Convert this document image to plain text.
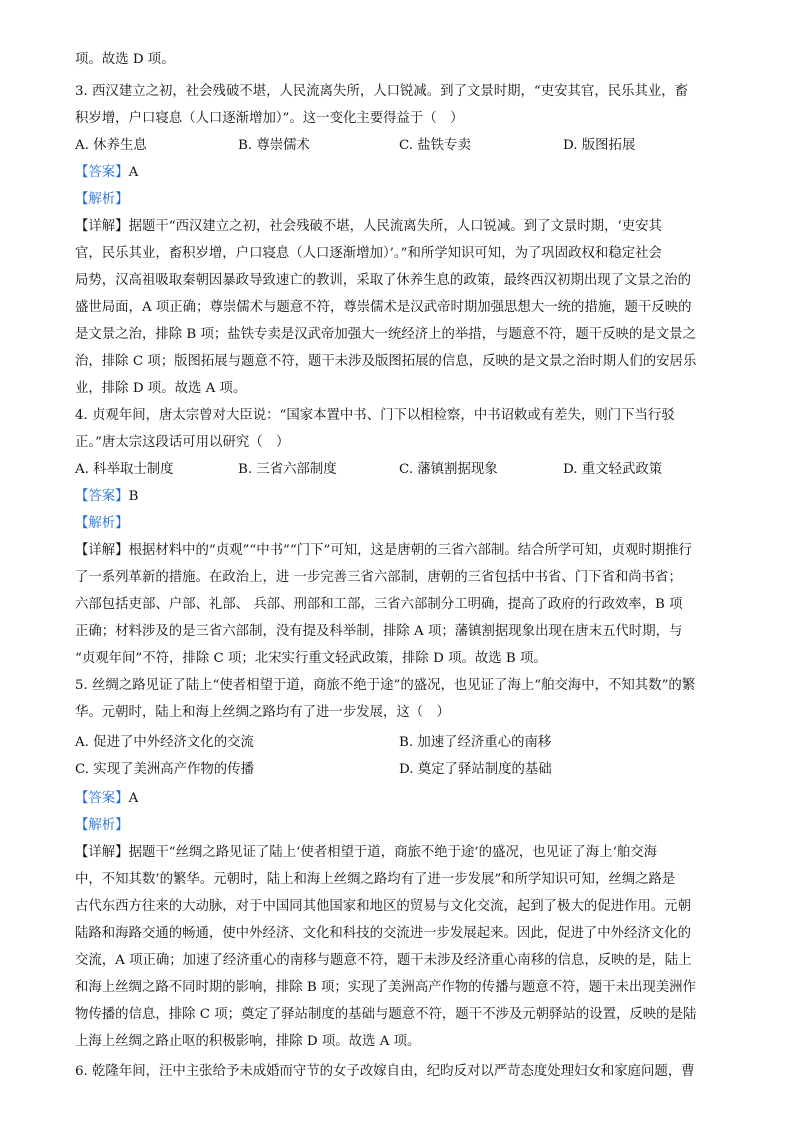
项。故选 D 项。
3. 西汉建立之初，社会残破不堪，人民流离失所，人口锐减。到了文景时期，“吏安其官，民乐其业，畜
积岁增，户口寝息（人口逐渐增加）”。这一变化主要得益于（　）
A. 休养生息	B. 尊崇儒术	C. 盐铁专卖	D. 版图拓展
【答案】A
【解析】
【详解】据题干“西汉建立之初，社会残破不堪，人民流离失所，人口锐减。到了文景时期，‘吏安其
官，民乐其业，畜积岁增，户口寝息（人口逐渐增加）’。”和所学知识可知，为了巩固政权和稳定社会
局势，汉高祖吸取秦朝因暴政导致速亡的教训，采取了休养生息的政策，最终西汉初期出现了文景之治的
盛世局面，A 项正确；尊崇儒术与题意不符，尊崇儒术是汉武帝时期加强思想大一统的措施，题干反映的
是文景之治，排除 B 项；盐铁专卖是汉武帝加强大一统经济上的举措，与题意不符，题干反映的是文景之
治，排除 C 项；版图拓展与题意不符，题干未涉及版图拓展的信息，反映的是文景之治时期人们的安居乐
业，排除 D 项。故选 A 项。
4. 贞观年间，唐太宗曾对大臣说：“国家本置中书、门下以相检察，中书诏敕或有差失，则门下当行驳
正。”唐太宗这段话可用以研究（　）
A. 科举取士制度	B. 三省六部制度	C. 藩镇割据现象	D. 重文轻武政策
【答案】B
【解析】
【详解】根据材料中的“贞观”“中书”“门下”可知，这是唐朝的三省六部制。结合所学可知，贞观时期推行
了一系列革新的措施。在政治上，进 一步完善三省六部制，唐朝的三省包括中书省、门下省和尚书省；
六部包括吏部、户部、礼部、 兵部、刑部和工部，三省六部制分工明确，提高了政府的行政效率，B 项
正确；材料涉及的是三省六部制，没有提及科举制，排除 A 项；藩镇割据现象出现在唐末五代时期，与
“贞观年间”不符，排除 C 项；北宋实行重文轻武政策，排除 D 项。故选 B 项。
5. 丝绸之路见证了陆上“使者相望于道，商旅不绝于途”的盛况，也见证了海上“舶交海中，不知其数”的繁
华。元朝时，陆上和海上丝绸之路均有了进一步发展，这（　）
A. 促进了中外经济文化的交流	B. 加速了经济重心的南移
C. 实现了美洲高产作物的传播	D. 奠定了驿站制度的基础
【答案】A
【解析】
【详解】据题干“丝绸之路见证了陆上‘使者相望于道，商旅不绝于途’的盛况，也见证了海上‘舶交海
中，不知其数’的繁华。元朝时，陆上和海上丝绸之路均有了进一步发展”和所学知识可知，丝绸之路是
古代东西方往来的大动脉，对于中国同其他国家和地区的贸易与文化交流，起到了极大的促进作用。元朝
陆路和海路交通的畅通，使中外经济、文化和科技的交流进一步发展起来。因此，促进了中外经济文化的
交流，A 项正确；加速了经济重心的南移与题意不符，题干未涉及经济重心南移的信息，反映的是，陆上
和海上丝绸之路不同时期的影响，排除 B 项；实现了美洲高产作物的传播与题意不符，题干未出现美洲作
物传播的信息，排除 C 项；奠定了驿站制度的基础与题意不符，题干不涉及元朝驿站的设置，反映的是陆
上海上丝绸之路止呕的积极影响，排除 D 项。故选 A 项。
6. 乾隆年间，汪中主张给予未成婚而守节的女子改嫁自由，纪昀反对以严苛态度处理妇女和家庭问题，曹
